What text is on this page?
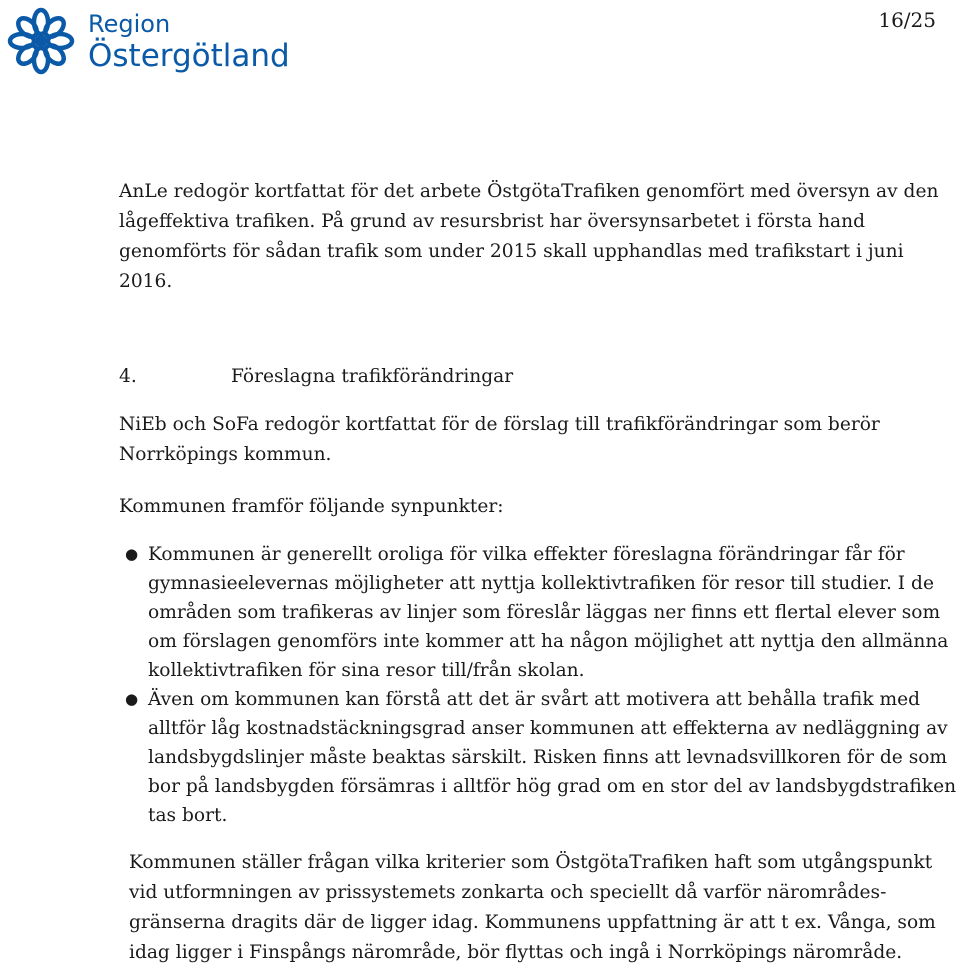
Region
Östergötland
16/25

AnLe redogör kortfattat för det arbete ÖstgötaTrafiken genomfört med översyn av den lågeffektiva trafiken. På grund av resursbrist har översynsarbetet i första hand genomförts för sådan trafik som under 2015 skall upphandlas med trafikstart i juni 2016.

4.	Föreslagna trafikförändringar

NiEb och SoFa redogör kortfattat för de förslag till trafikförändringar som berör Norrköpings kommun.

Kommunen framför följande synpunkter:

● Kommunen är generellt oroliga för vilka effekter föreslagna förändringar får för gymnasieelevernas möjligheter att nyttja kollektivtrafiken för resor till studier. I de områden som trafikeras av linjer som föreslår läggas ner finns ett flertal elever som om förslagen genomförs inte kommer att ha någon möjlighet att nyttja den allmänna kollektivtrafiken för sina resor till/från skolan.
● Även om kommunen kan förstå att det är svårt att motivera att behålla trafik med alltför låg kostnadstäckningsgrad anser kommunen att effekterna av nedläggning av landsbygdslinjer måste beaktas särskilt. Risken finns att levnadsvillkoren för de som bor på landsbygden försämras i alltför hög grad om en stor del av landsbygdstrafiken tas bort.

Kommunen ställer frågan vilka kriterier som ÖstgötaTrafiken haft som utgångspunkt vid utformningen av prissystemets zonkarta och speciellt då varför närområdes-gränserna dragits där de ligger idag. Kommunens uppfattning är att t ex. Vånga, som idag ligger i Finspångs närområde, bör flyttas och ingå i Norrköpings närområde.
